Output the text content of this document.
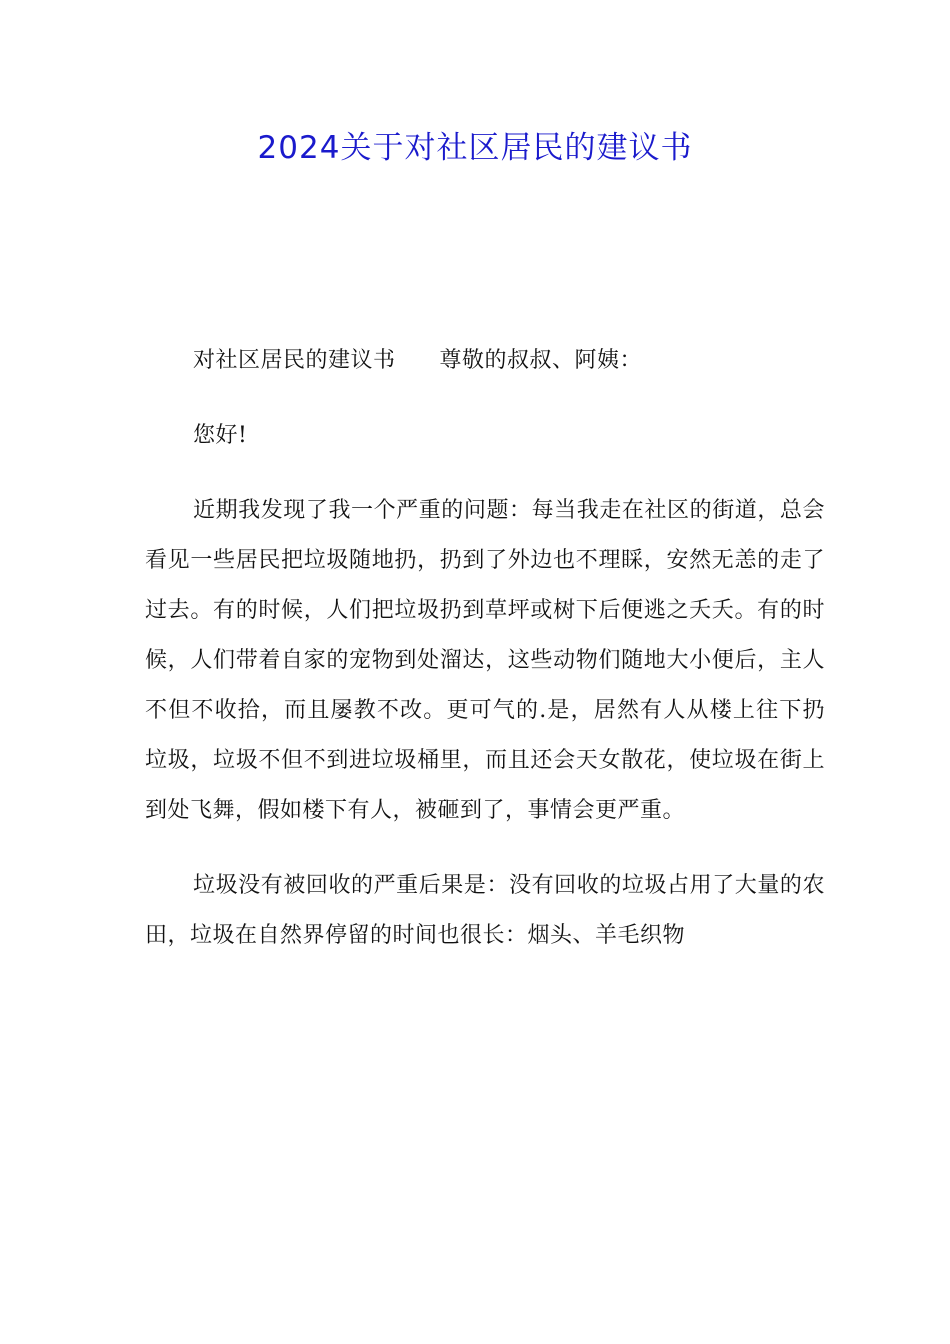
2024关于对社区居民的建议书

对社区居民的建议书 尊敬的叔叔、阿姨：

您好!

近期我发现了我一个严重的问题：每当我走在社区的街道，总会看见一些居民把垃圾随地扔，扔到了外边也不理睬，安然无恙的走了过去。有的时候，人们把垃圾扔到草坪或树下后便逃之夭夭。有的时候，人们带着自家的宠物到处溜达，这些动物们随地大小便后，主人不但不收拾，而且屡教不改。更可气的.是，居然有人从楼上往下扔垃圾，垃圾不但不到进垃圾桶里，而且还会天女散花，使垃圾在街上到处飞舞，假如楼下有人，被砸到了，事情会更严重。

垃圾没有被回收的严重后果是：没有回收的垃圾占用了大量的农田，垃圾在自然界停留的时间也很长：烟头、羊毛织物
